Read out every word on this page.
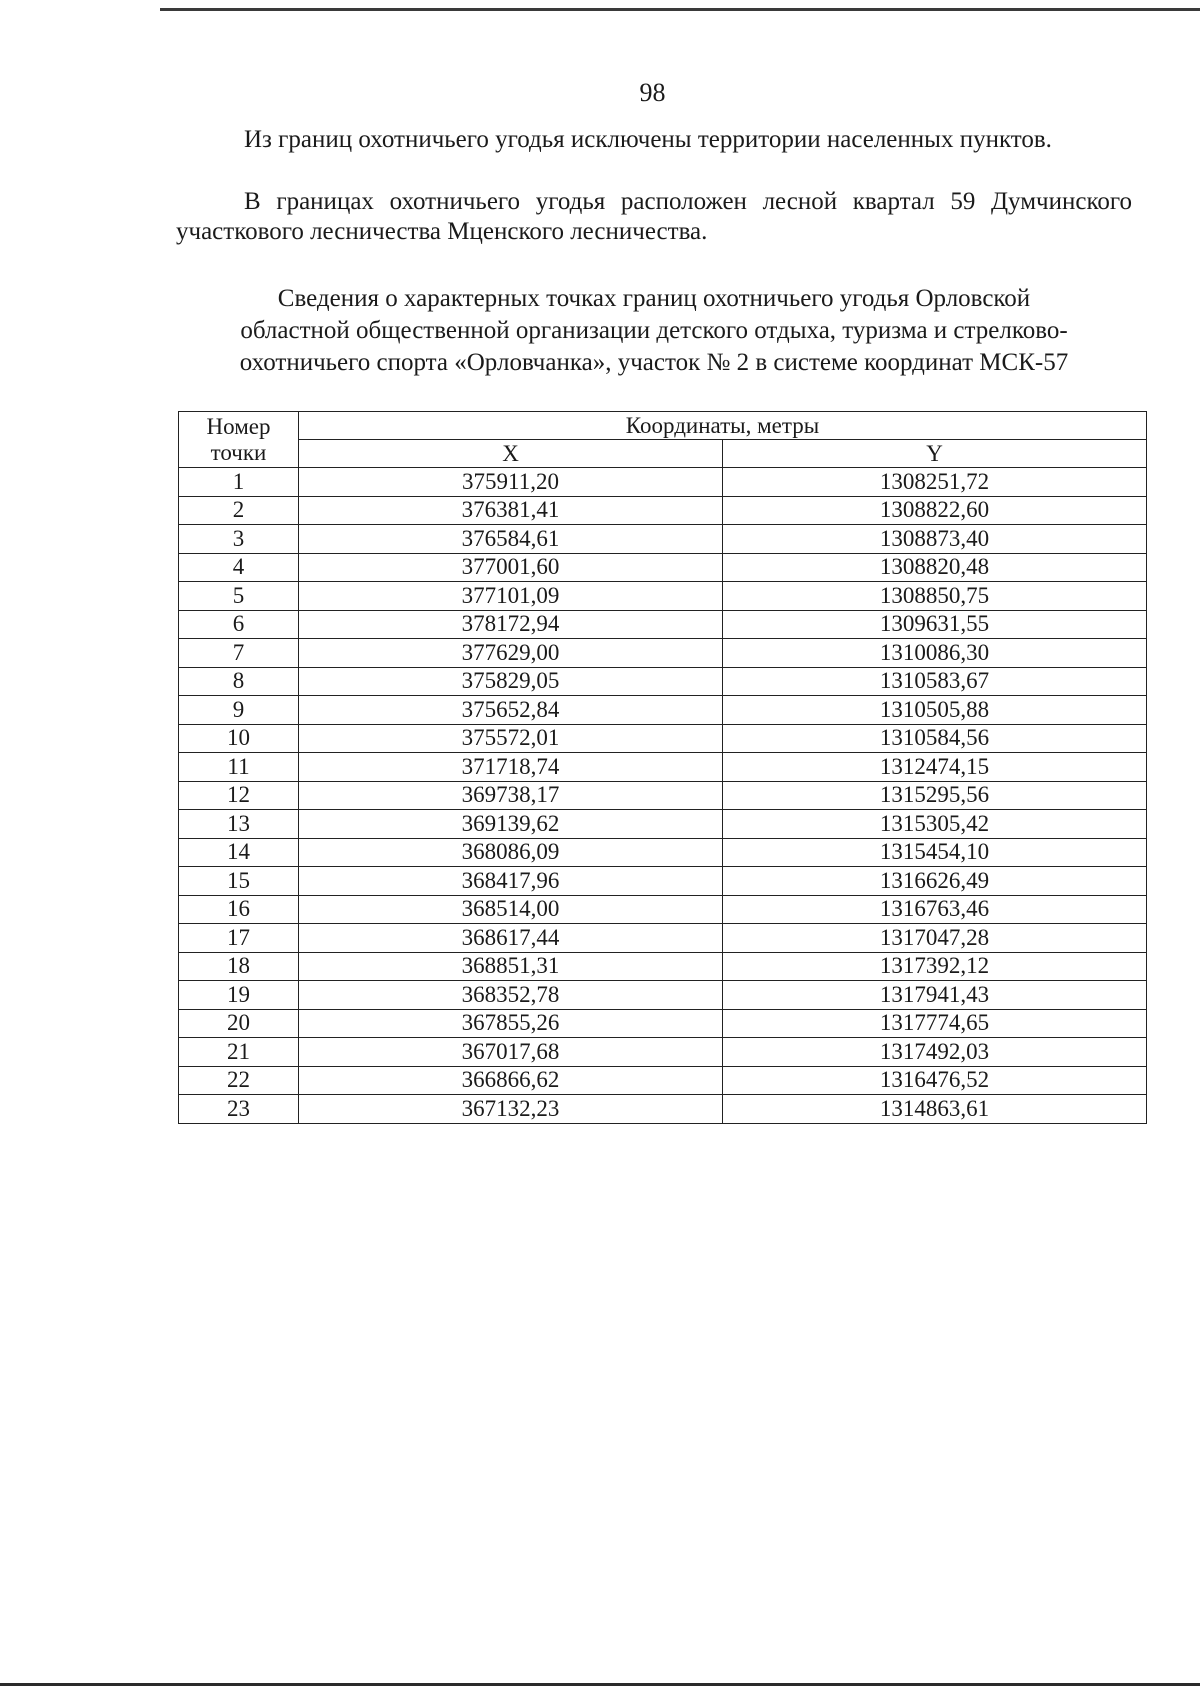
98
Из границ охотничьего угодья исключены территории населенных пунктов.
В границах охотничьего угодья расположен лесной квартал 59 Думчинского участкового лесничества Мценского лесничества.
Сведения о характерных точках границ охотничьего угодья Орловской
областной общественной организации детского отдыха, туризма и стрелково-
охотничьего спорта «Орловчанка», участок № 2 в системе координат МСК-57
Номер
точки	Координаты, метры	
	X	Y
1	375911,20	1308251,72
2	376381,41	1308822,60
3	376584,61	1308873,40
4	377001,60	1308820,48
5	377101,09	1308850,75
6	378172,94	1309631,55
7	377629,00	1310086,30
8	375829,05	1310583,67
9	375652,84	1310505,88
10	375572,01	1310584,56
11	371718,74	1312474,15
12	369738,17	1315295,56
13	369139,62	1315305,42
14	368086,09	1315454,10
15	368417,96	1316626,49
16	368514,00	1316763,46
17	368617,44	1317047,28
18	368851,31	1317392,12
19	368352,78	1317941,43
20	367855,26	1317774,65
21	367017,68	1317492,03
22	366866,62	1316476,52
23	367132,23	1314863,61
